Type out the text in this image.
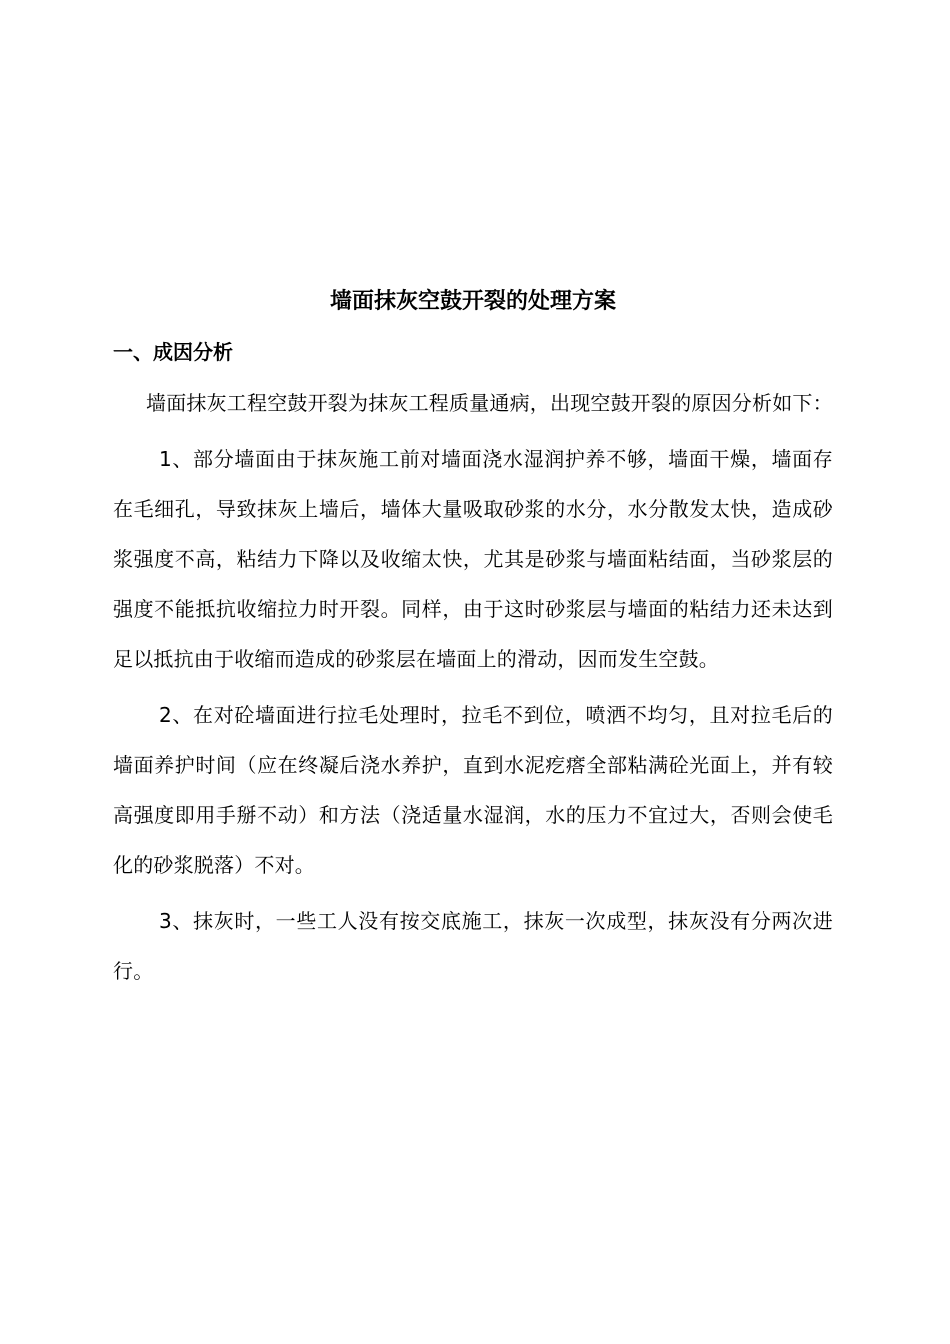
墙面抹灰空鼓开裂的处理方案
一、成因分析

墙面抹灰工程空鼓开裂为抹灰工程质量通病，出现空鼓开裂的原因分析如下：

1、部分墙面由于抹灰施工前对墙面浇水湿润护养不够，墙面干燥，墙面存在毛细孔，导致抹灰上墙后，墙体大量吸取砂浆的水分，水分散发太快，造成砂浆强度不高，粘结力下降以及收缩太快，尤其是砂浆与墙面粘结面，当砂浆层的强度不能抵抗收缩拉力时开裂。同样，由于这时砂浆层与墙面的粘结力还未达到足以抵抗由于收缩而造成的砂浆层在墙面上的滑动，因而发生空鼓。

2、在对砼墙面进行拉毛处理时，拉毛不到位，喷洒不均匀，且对拉毛后的墙面养护时间（应在终凝后浇水养护，直到水泥疙瘩全部粘满砼光面上，并有较高强度即用手掰不动）和方法（浇适量水湿润，水的压力不宜过大，否则会使毛化的砂浆脱落）不对。

3、抹灰时，一些工人没有按交底施工，抹灰一次成型，抹灰没有分两次进行。
